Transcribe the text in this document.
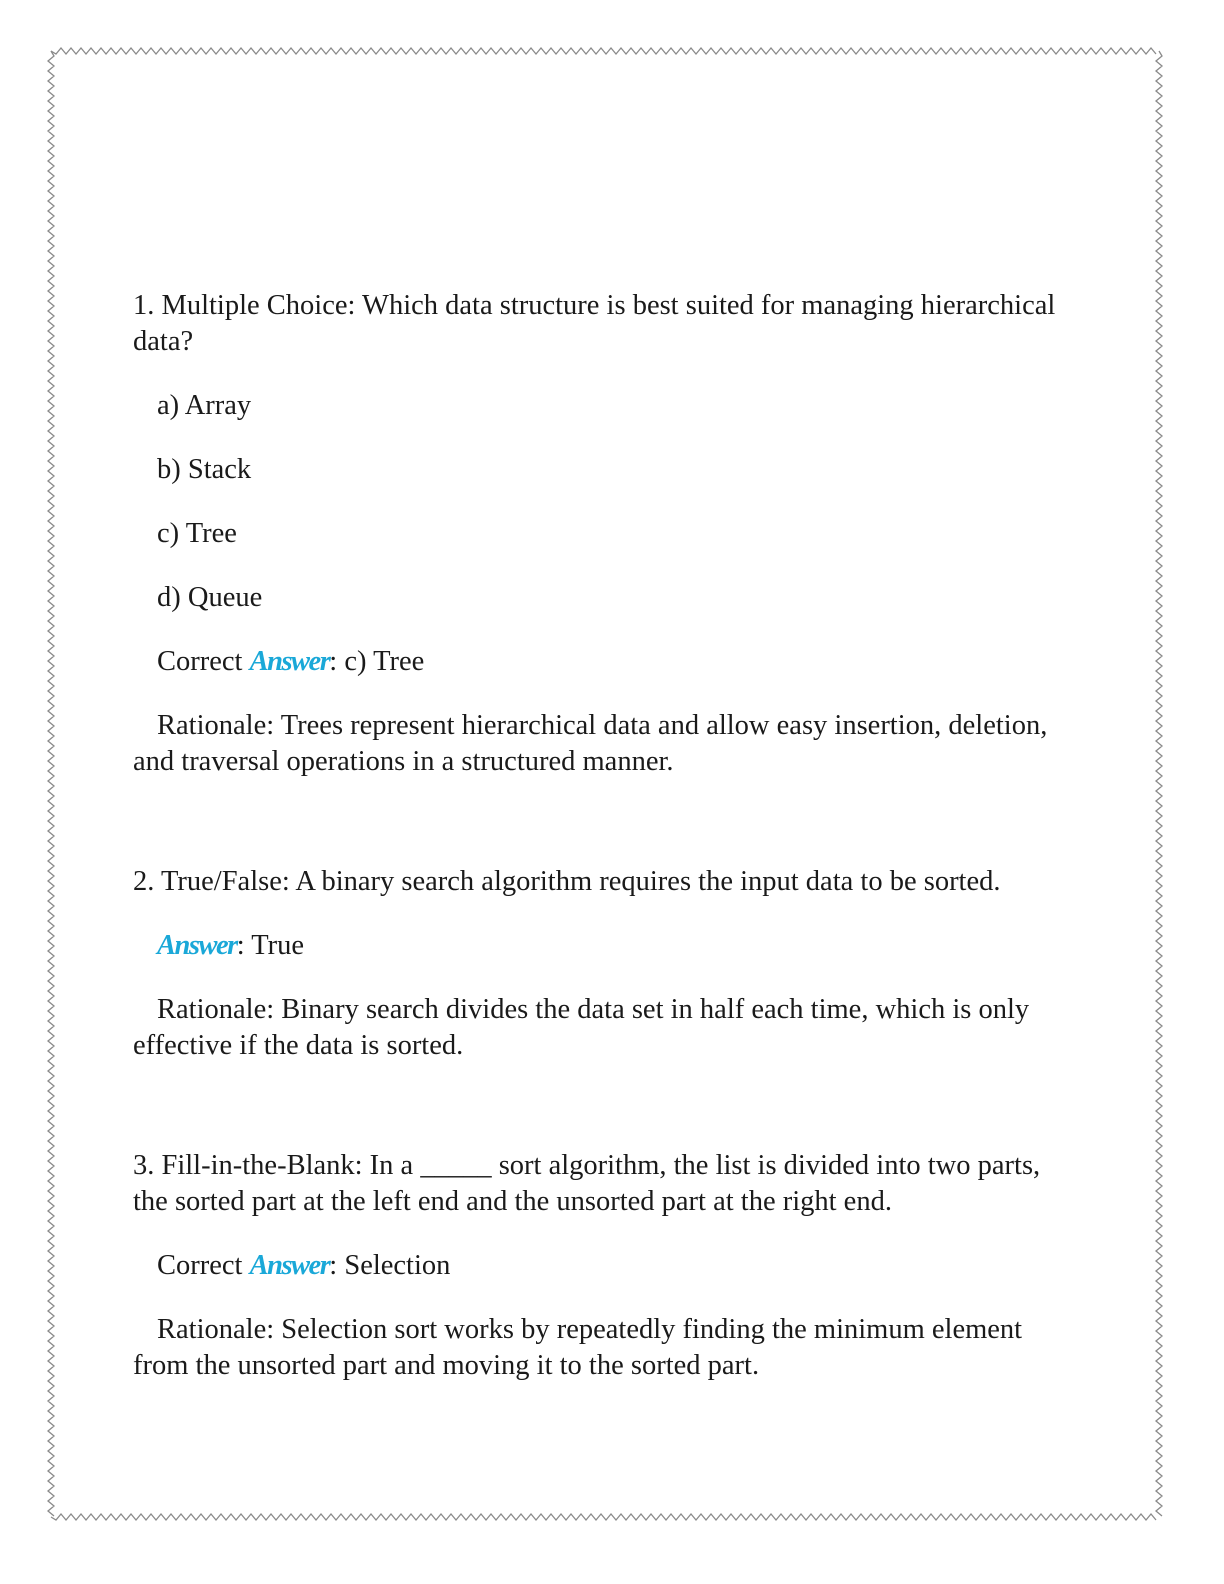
1. Multiple Choice: Which data structure is best suited for managing hierarchical data?

a) Array

b) Stack

c) Tree

d) Queue

Correct Answer: c) Tree

Rationale: Trees represent hierarchical data and allow easy insertion, deletion, and traversal operations in a structured manner.

2. True/False: A binary search algorithm requires the input data to be sorted.

Answer: True

Rationale: Binary search divides the data set in half each time, which is only effective if the data is sorted.

3. Fill-in-the-Blank: In a _____ sort algorithm, the list is divided into two parts, the sorted part at the left end and the unsorted part at the right end.

Correct Answer: Selection

Rationale: Selection sort works by repeatedly finding the minimum element from the unsorted part and moving it to the sorted part.
